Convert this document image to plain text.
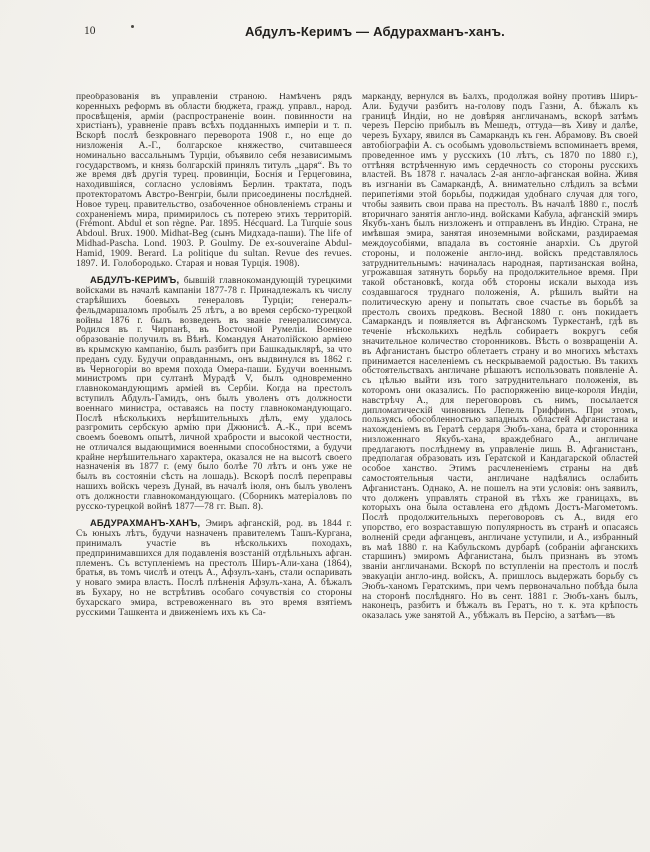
10	Абдулъ-Керимъ — Абдурахманъ-ханъ.

преобразованія въ управленіи страною. Намѣченъ рядъ коренныхъ реформъ въ области бюджета, гражд. управл., народ. просвѣщенія, арміи (распространеніе воин. повинности на христіанъ), уравненіе правъ всѣхъ подданныхъ имперіи и т. п. Вскорѣ послѣ безкровнаго переворота 1908 г., но еще до низложенія А.-Г., болгарское княжество, считавшееся номинально вассальнымъ Турціи, объявило себя независимымъ государствомъ, и князь болгарскій принялъ титулъ „царя“. Въ то же время двѣ другія турец. провинціи, Боснія и Герцеговина, находившіяся, согласно условіямъ Берлин. трактата, подъ протекторатомъ Австро-Венгріи, были присоединены послѣдней. Новое турец. правительство, озабоченное обновленіемъ страны и сохраненіемъ мира, примирилось съ потерею этихъ территорій. (Frémont. Abdul et son règne. Par. 1895. Hécquard. La Turquie sous Abdoul. Brux. 1900. Midhat-Beg (сынъ Мидхада-паши). The life of Midhad-Pascha. Lond. 1903. P. Goulmy. De ex-souveraine Abdul-Hamid, 1909. Berard. La politique du sultan. Revue des revues. 1897. И. Голобородько. Старая и новая Турція. 1908).

АБДУЛЪ-КЕРИМЪ, бывшій главнокомандующій турецкими войсками въ началѣ кампаніи 1877-78 г. Принадлежалъ къ числу старѣйшихъ боевыхъ генераловъ Турціи; генералъ-фельдмаршаломъ пробылъ 25 лѣтъ, а во время сербско-турецкой войны 1876 г. былъ возведенъ въ званіе генералиссимуса. Родился въ г. Чирпанѣ, въ Восточной Румеліи. Военное образованіе получилъ въ Вѣнѣ. Командуя Анатолійскою арміею въ крымскую кампанію, былъ разбитъ при Башкадыклярѣ, за что преданъ суду. Будучи оправданнымъ, онъ выдвинулся въ 1862 г. въ Черногоріи во время похода Омера-паши. Будучи военнымъ министромъ при султанѣ Мурадѣ V, былъ одновременно главнокомандующимъ арміей въ Сербіи. Когда на престолъ вступилъ Абдулъ-Гамидъ, онъ былъ уволенъ отъ должности военнаго министра, оставаясь на посту главнокомандующаго. Послѣ нѣсколькихъ нерѣшительныхъ дѣлъ, ему удалось разгромить сербскую армію при Джюнисѣ. А.-К., при всемъ своемъ боевомъ опытѣ, личной храбрости и высокой честности, не отличался выдающимися военными способностями, а будучи крайне нерѣшительнаго характера, оказался не на высотѣ своего назначенія въ 1877 г. (ему было болѣе 70 лѣтъ и онъ уже не былъ въ состояніи сѣсть на лошадь). Вскорѣ послѣ переправы нашихъ войскъ черезъ Дунай, въ началѣ іюля, онъ былъ уволенъ отъ должности главнокомандующаго. (Сборникъ матеріаловъ по русско-турецкой войнѣ 1877—78 гг. Вып. 8).

АБДУРАХМАНЪ-ХАНЪ, Эмиръ афганскій, род. въ 1844 г. Съ юныхъ лѣтъ, будучи назначенъ правителемъ Ташъ-Кургана, принималъ участіе въ нѣсколькихъ походахъ, предпринимавшихся для подавленія возстаній отдѣльныхъ афган. племенъ. Съ вступленіемъ на престолъ Ширъ-Али-хана (1864), братья, въ томъ числѣ и отецъ А., Афзулъ-ханъ, стали оспаривать у новаго эмира власть. Послѣ плѣненія Афзулъ-хана, А. бѣжалъ въ Бухару, но не встрѣтивъ особаго сочувствія со стороны бухарскаго эмира, встревоженнаго въ это время взятіемъ русскими Ташкента и движеніемъ ихъ къ Са-

марканду, вернулся въ Балхъ, продолжая войну противъ Ширъ-Али. Будучи разбитъ на-голову подъ Газни, А. бѣжалъ къ границѣ Индіи, но не довѣряя англичанамъ, вскорѣ затѣмъ черезъ Персію прибылъ въ Мешедъ, оттуда—въ Хиву и далѣе, черезъ Бухару, явился въ Самаркандъ къ ген. Абрамову. Въ своей автобіографіи А. съ особымъ удовольствіемъ вспоминаетъ время, проведенное имъ у русскихъ (10 лѣтъ, съ 1870 по 1880 г.), оттѣняя встрѣченную имъ сердечность со стороны русскихъ властей. Въ 1878 г. началась 2-ая англо-афганская война. Живя въ изгнаніи въ Самаркандѣ, А. внимательно слѣдилъ за всѣми перипетіями этой борьбы, поджидая удобнаго случая для того, чтобы заявить свои права на престолъ. Въ началѣ 1880 г., послѣ вторичнаго занятія англо-инд. войсками Кабула, афганскій эмиръ Якубъ-ханъ былъ низложенъ и отправленъ въ Индію. Страна, не имѣвшая эмира, занятая иноземными войсками, раздираемая междоусобіями, впадала въ состояніе анархіи. Съ другой стороны, и положеніе англо-инд. войскъ представлялось затруднительнымъ: начиналась народная, партизанская война, угрожавшая затянуть борьбу на продолжительное время. При такой обстановкѣ, когда обѣ стороны искали выхода изъ создавшагося труднаго положенія, А. рѣшилъ выйти на политическую арену и попытать свое счастье въ борьбѣ за престолъ своихъ предковъ. Весной 1880 г. онъ покидаетъ Самаркандъ и появляется въ Афганскомъ Туркестанѣ, гдѣ въ теченіе нѣсколькихъ недѣль собираетъ вокругъ себя значительное количество сторонниковъ. Вѣсть о возвращеніи А. въ Афганистанъ быстро облетаетъ страну и во многихъ мѣстахъ принимается населеніемъ съ нескрываемой радостью. Въ такихъ обстоятельствахъ англичане рѣшаютъ использовать появленіе А. съ цѣлью выйти изъ того затруднительнаго положенія, въ которомъ они оказались. По распоряженію вице-короля Индіи, навстрѣчу А., для переговоровъ съ нимъ, посылается дипломатическій чиновникъ Лепель Гриффинъ. При этомъ, пользуясь обособленностью западныхъ областей Афганистана и нахожденіемъ въ Гератѣ сердаря Эюбъ-хана, брата и сторонника низложеннаго Якубъ-хана, враждебнаго А., англичане предлагаютъ послѣднему въ управленіе лишь В. Афганистанъ, предполагая образовать изъ Гератской и Кандагарской областей особое ханство. Этимъ расчлененіемъ страны на двѣ самостоятельныя части, англичане надѣялись ослабить Афганистанъ. Однако, А. не пошелъ на эти условія: онъ заявилъ, что долженъ управлять страной въ тѣхъ же границахъ, въ которыхъ она была оставлена его дѣдомъ Достъ-Магометомъ. Послѣ продолжительныхъ переговоровъ съ А., видя его упорство, его возраставшую популярность въ странѣ и опасаясь волненій среди афганцевъ, англичане уступили, и А., избранный въ маѣ 1880 г. на Кабульскомъ дурбарѣ (собраніи афганскихъ старшинъ) эмиромъ Афганистана, былъ признанъ въ этомъ званіи англичанами. Вскорѣ по вступленіи на престолъ и послѣ эвакуаціи англо-инд. войскъ, А. пришлось выдержать борьбу съ Эюбъ-ханомъ Гератскимъ, при чемъ первоначально побѣда была на сторонѣ послѣдняго. Но въ сент. 1881 г. Эюбъ-ханъ былъ, наконецъ, разбитъ и бѣжалъ въ Гератъ, но т. к. эта крѣпость оказалась уже занятой А., убѣжалъ въ Персію, а затѣмъ—въ
